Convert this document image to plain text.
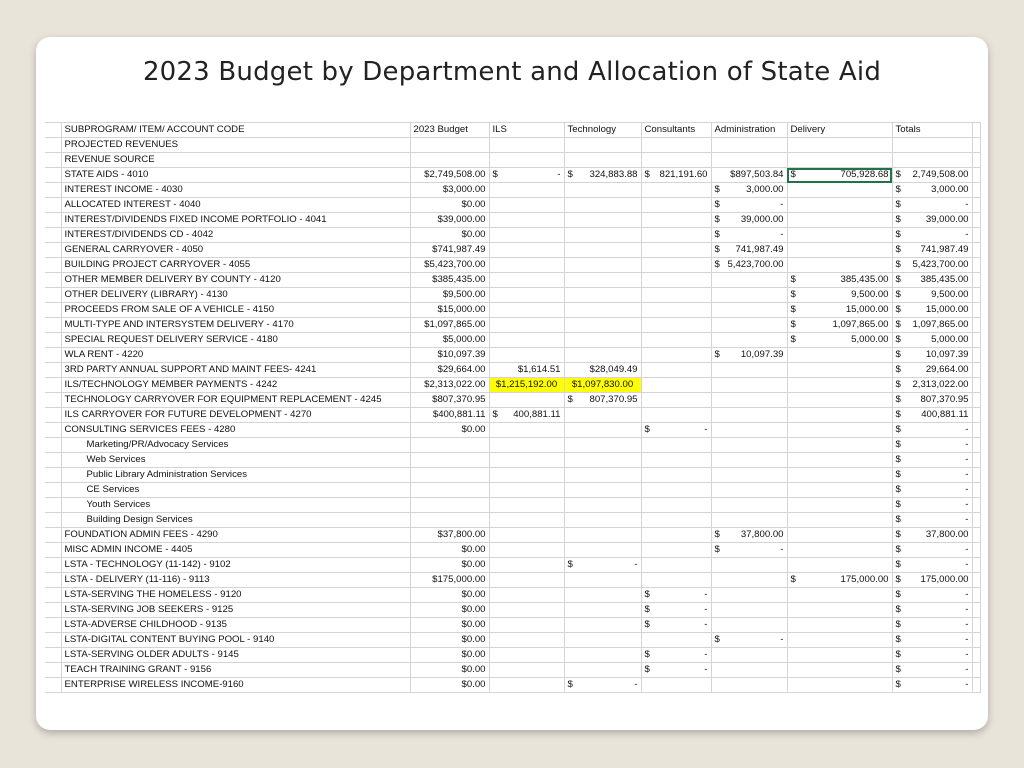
2023 Budget by Department and Allocation of State Aid
	SUBPROGRAM/ ITEM/ ACCOUNT CODE	2023 Budget	ILS	Technology	Consultants	Administration	Delivery	Totals	
	PROJECTED REVENUES								
	REVENUE SOURCE								
	STATE AIDS - 4010	$2,749,508.00	$ -	$ 324,883.88	$ 821,191.60	$897,503.84	$ 705,928.68	$ 2,749,508.00	

	INTEREST INCOME - 4030	$3,000.00				$ 3,000.00		$ 3,000.00	

	ALLOCATED INTEREST - 4040	$0.00				$ -		$ -	

	INTEREST/DIVIDENDS FIXED INCOME PORTFOLIO - 4041	$39,000.00				$ 39,000.00		$ 39,000.00	

	INTEREST/DIVIDENDS CD - 4042	$0.00				$ -		$ -	

	GENERAL CARRYOVER - 4050	$741,987.49				$ 741,987.49		$ 741,987.49	

	BUILDING PROJECT CARRYOVER - 4055	$5,423,700.00				$ 5,423,700.00		$ 5,423,700.00	

	OTHER MEMBER DELIVERY BY COUNTY - 4120	$385,435.00					$ 385,435.00	$ 385,435.00	

	OTHER DELIVERY (LIBRARY) - 4130	$9,500.00					$ 9,500.00	$ 9,500.00	

	PROCEEDS FROM SALE OF A VEHICLE - 4150	$15,000.00					$ 15,000.00	$ 15,000.00	

	MULTI-TYPE AND INTERSYSTEM DELIVERY - 4170	$1,097,865.00					$ 1,097,865.00	$ 1,097,865.00	

	SPECIAL REQUEST DELIVERY SERVICE - 4180	$5,000.00					$ 5,000.00	$ 5,000.00	

	WLA RENT - 4220	$10,097.39				$ 10,097.39		$ 10,097.39	

	3RD PARTY ANNUAL SUPPORT AND MAINT FEES- 4241	$29,664.00	$1,614.51	$28,049.49				$ 29,664.00	

	ILS/TECHNOLOGY MEMBER PAYMENTS - 4242	$2,313,022.00	$1,215,192.00	$1,097,830.00				$ 2,313,022.00	

	TECHNOLOGY CARRYOVER FOR EQUIPMENT REPLACEMENT - 4245	$807,370.95		$ 807,370.95				$ 807,370.95	

	ILS CARRYOVER FOR FUTURE DEVELOPMENT - 4270	$400,881.11	$ 400,881.11					$ 400,881.11	

	CONSULTING SERVICES FEES - 4280	$0.00			$ -			$ -	

	Marketing/PR/Advocacy Services							$ -	

	Web Services							$ -	

	Public Library Administration Services							$ -	

	CE Services							$ -	

	Youth Services							$ -	

	Building Design Services							$ -	

	FOUNDATION ADMIN FEES - 4290	$37,800.00				$ 37,800.00		$ 37,800.00	

	MISC ADMIN INCOME - 4405	$0.00				$ -		$ -	

	LSTA - TECHNOLOGY (11-142) - 9102	$0.00		$ -				$ -	

	LSTA - DELIVERY (11-116) - 9113	$175,000.00					$ 175,000.00	$ 175,000.00	

	LSTA-SERVING THE HOMELESS - 9120	$0.00			$ -			$ -	

	LSTA-SERVING JOB SEEKERS - 9125	$0.00			$ -			$ -	

	LSTA-ADVERSE CHILDHOOD - 9135	$0.00			$ -			$ -	

	LSTA-DIGITAL CONTENT BUYING POOL - 9140	$0.00				$ -		$ -	

	LSTA-SERVING OLDER ADULTS - 9145	$0.00			$ -			$ -	

	TEACH TRAINING GRANT - 9156	$0.00			$ -			$ -	

	ENTERPRISE WIRELESS INCOME-9160	$0.00		$ -				$ -	
